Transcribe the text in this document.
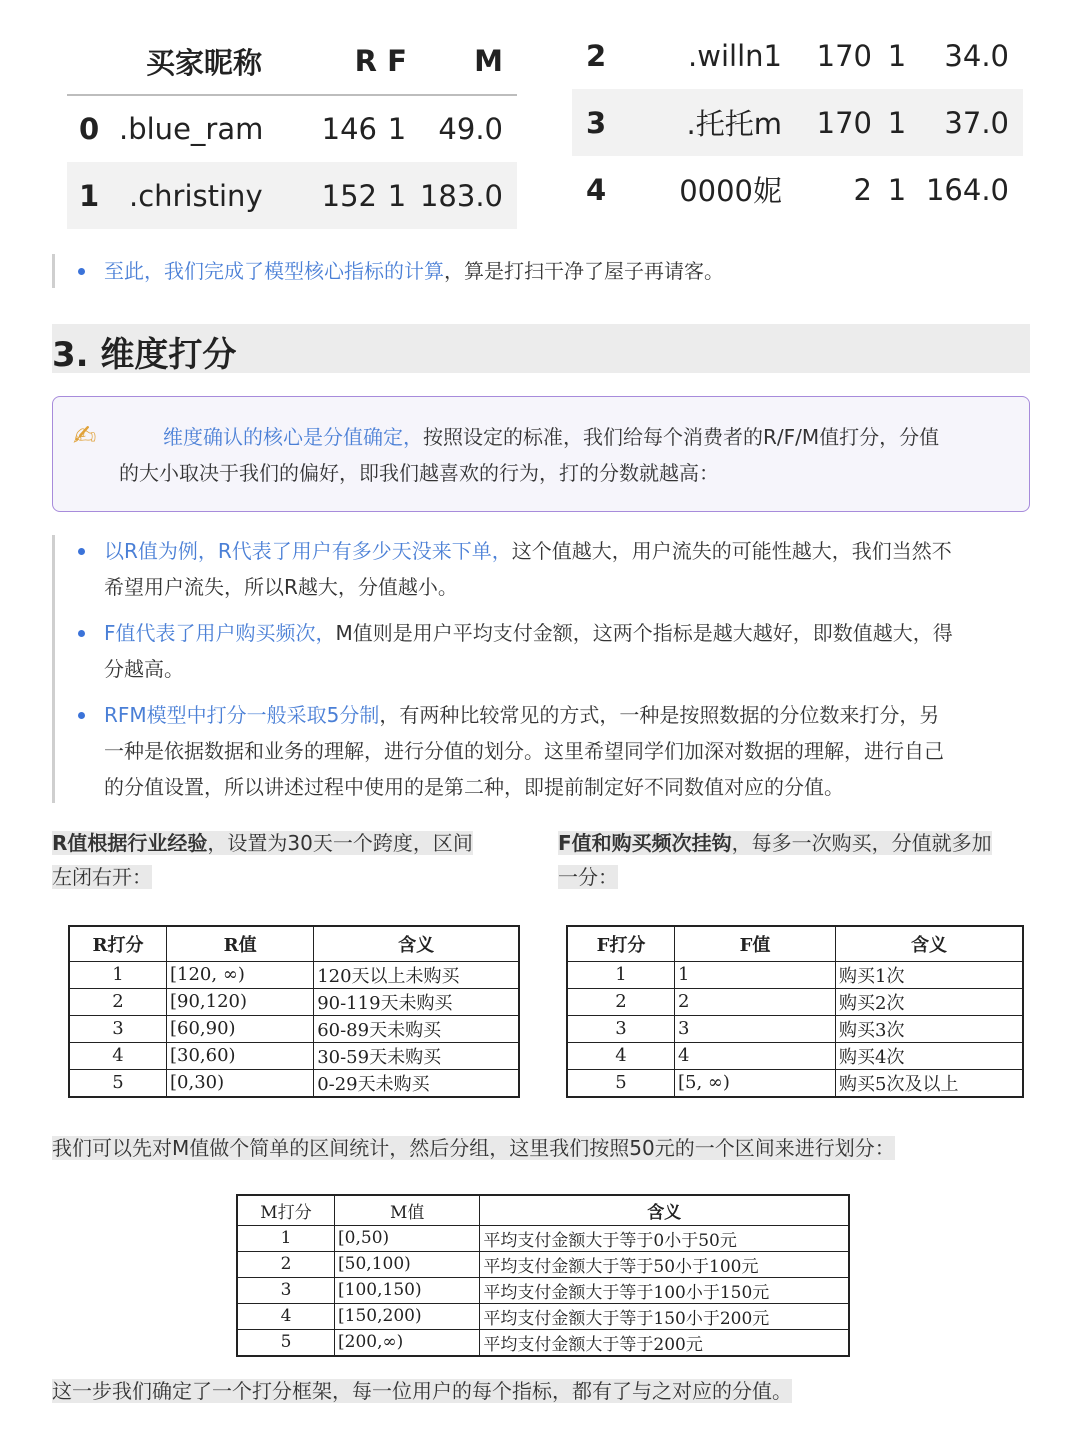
	买家昵称	R	F	M
0	.blue_ram	146	1	49.0
1	.christiny	152	1	183.0
2	.willn1	170	1	34.0
3	.托托m	170	1	37.0
4	0000妮	2	1	164.0
至此，我们完成了模型核心指标的计算，算是打扫干净了屋子再请客。
3. 维度打分
✍	维度确认的核心是分值确定，按照设定的标准，我们给每个消费者的R/F/M值打分，分值
的大小取决于我们的偏好，即我们越喜欢的行为，打的分数就越高：
以R值为例，R代表了用户有多少天没来下单，这个值越大，用户流失的可能性越大，我们当然不
希望用户流失，所以R越大，分值越小。
F值代表了用户购买频次，M值则是用户平均支付金额，这两个指标是越大越好，即数值越大，得
分越高。
RFM模型中打分一般采取5分制，有两种比较常见的方式，一种是按照数据的分位数来打分，另
一种是依据数据和业务的理解，进行分值的划分。这里希望同学们加深对数据的理解，进行自己
的分值设置，所以讲述过程中使用的是第二种，即提前制定好不同数值对应的分值。
R值根据行业经验，设置为30天一个跨度，区间
左闭右开：
F值和购买频次挂钩，每多一次购买，分值就多加
一分：
R打分	R值	含义
1	[120, ∞)	120天以上未购买
2	[90,120)	90-119天未购买
3	[60,90)	60-89天未购买
4	[30,60)	30-59天未购买
5	[0,30)	0-29天未购买
F打分	F值	含义
1	1	购买1次
2	2	购买2次
3	3	购买3次
4	4	购买4次
5	[5, ∞)	购买5次及以上
我们可以先对M值做个简单的区间统计，然后分组，这里我们按照50元的一个区间来进行划分：
M打分	M值	含义
1	[0,50)	平均支付金额大于等于0小于50元
2	[50,100)	平均支付金额大于等于50小于100元
3	[100,150)	平均支付金额大于等于100小于150元
4	[150,200)	平均支付金额大于等于150小于200元
5	[200,∞)	平均支付金额大于等于200元
这一步我们确定了一个打分框架，每一位用户的每个指标，都有了与之对应的分值。
